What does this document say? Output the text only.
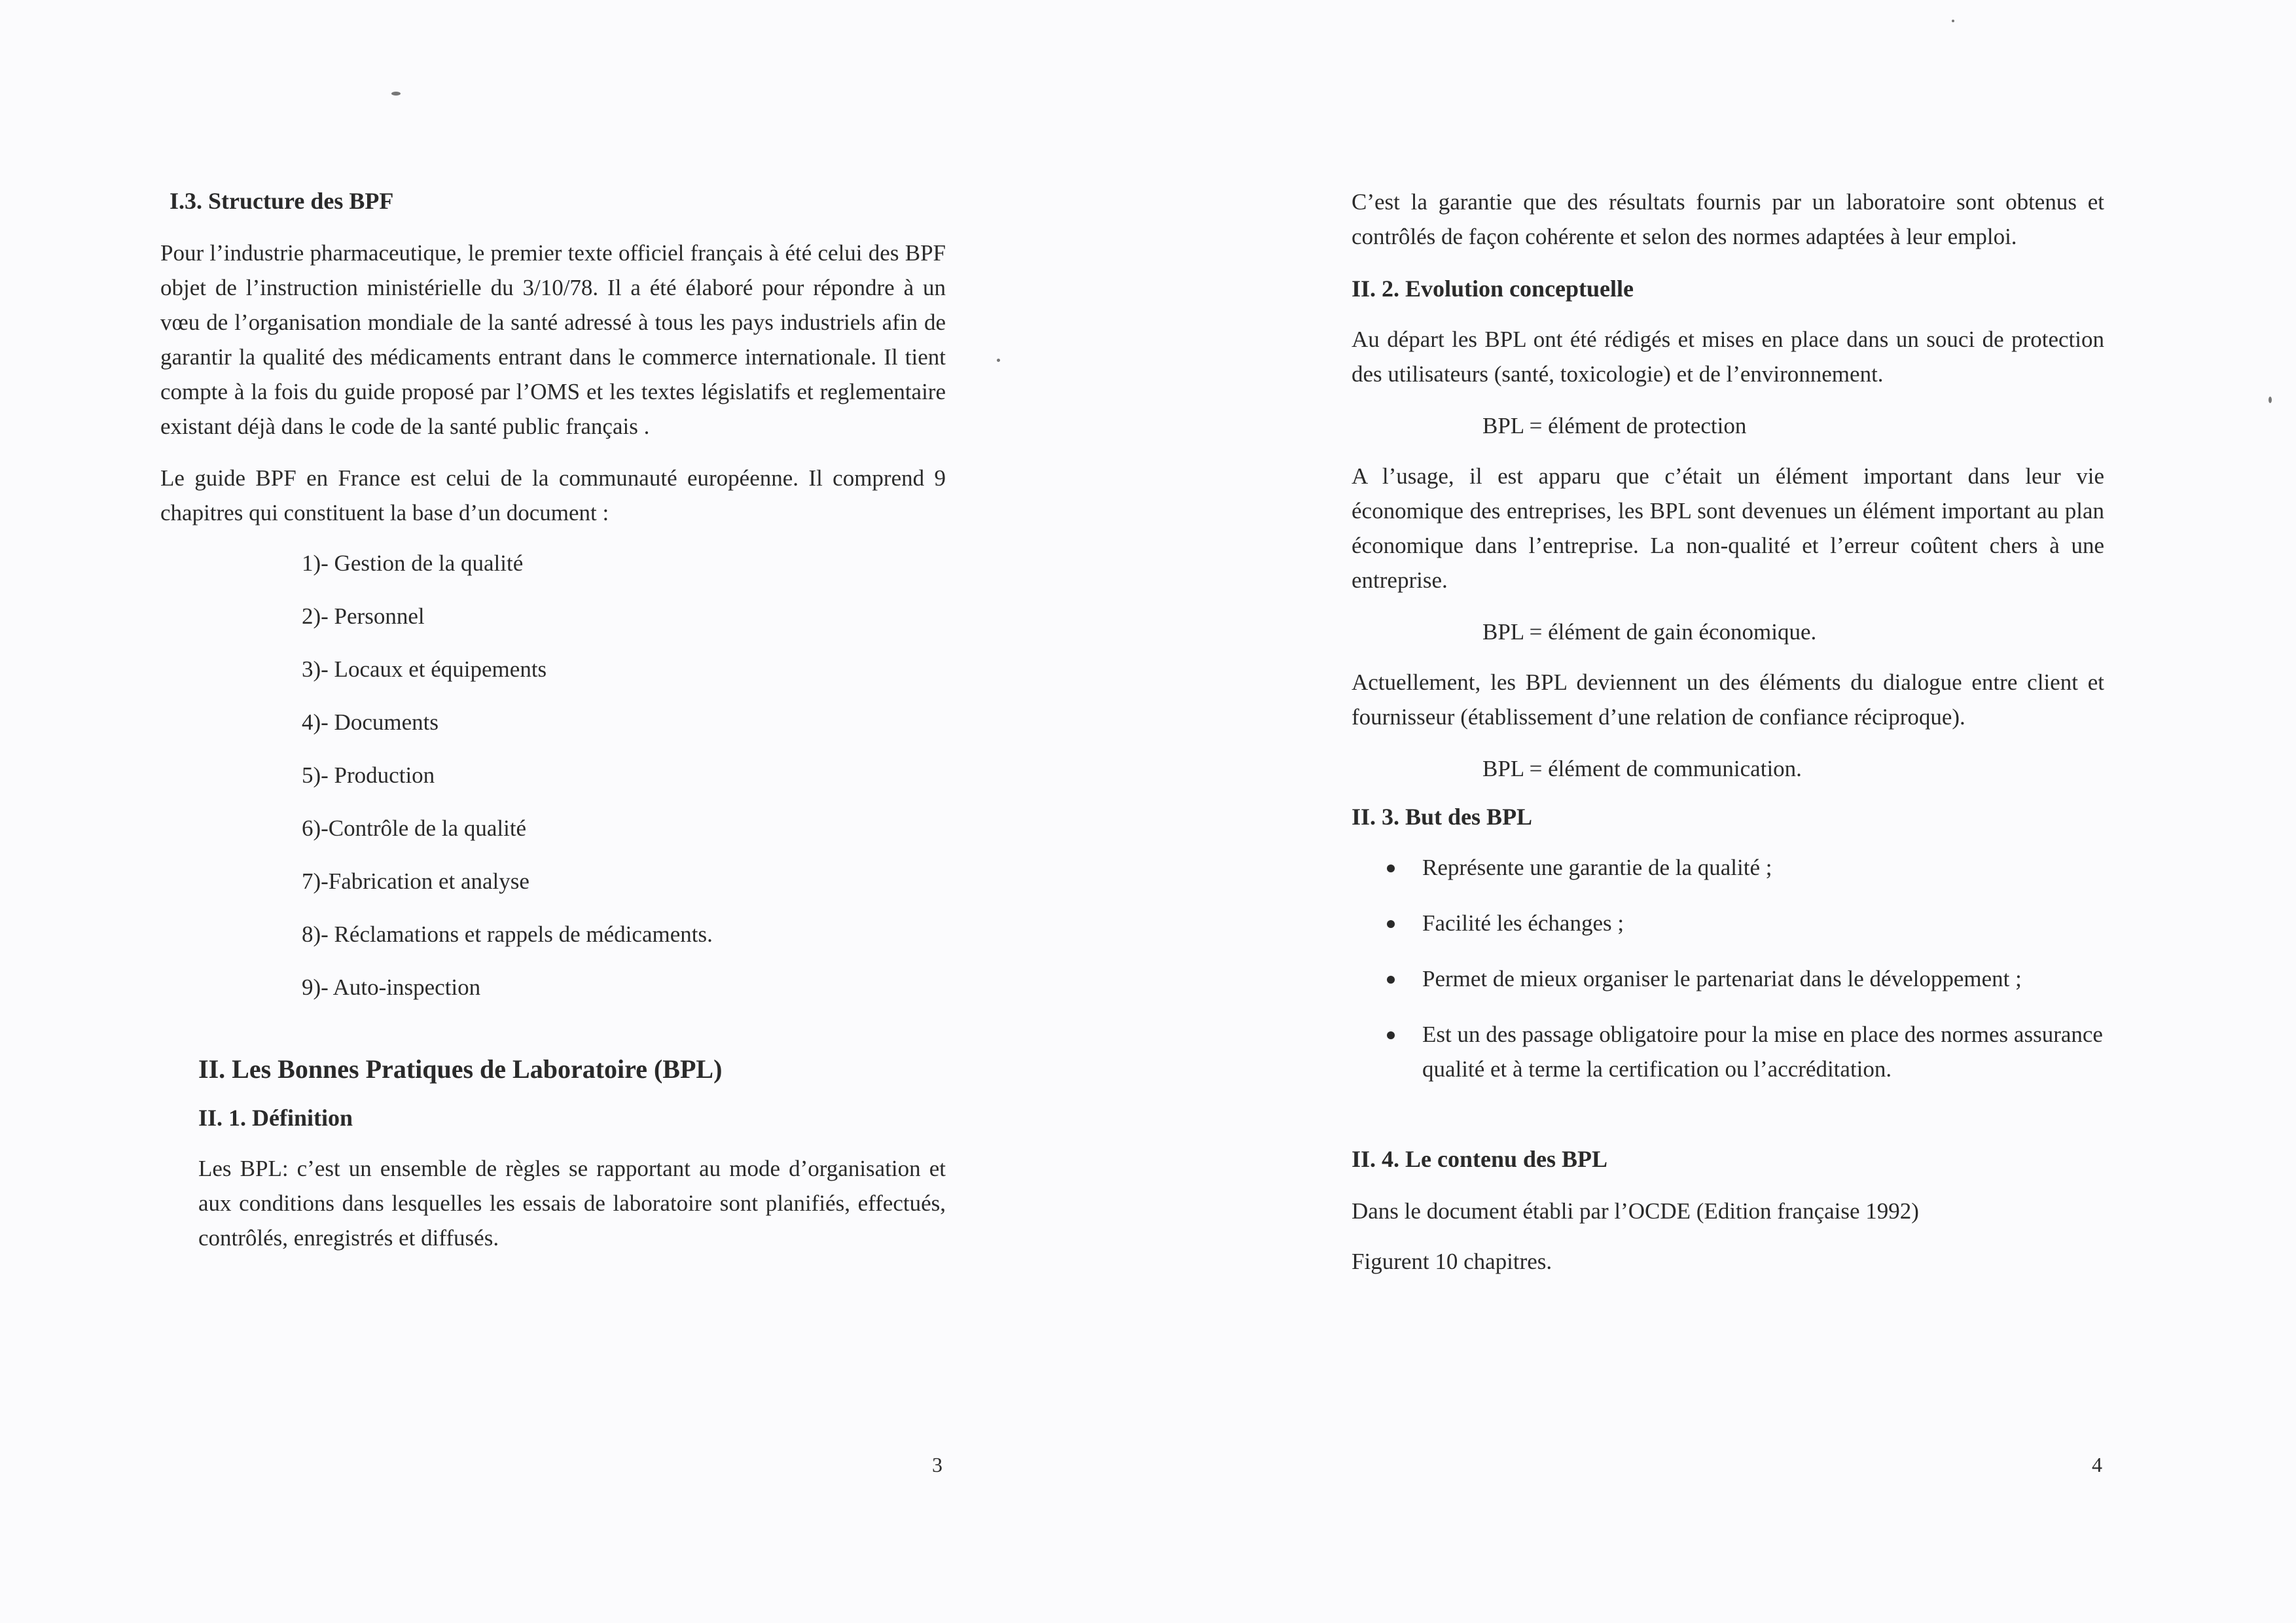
I.3. Structure des BPF

Pour l’industrie pharmaceutique, le premier texte officiel français à été celui des BPF objet de l’instruction ministérielle du 3/10/78. Il a été élaboré pour répondre à un vœu de l’organisation mondiale de la santé adressé à tous les pays industriels afin de garantir la qualité des médicaments entrant dans le commerce internationale. Il tient compte à la fois du guide proposé par l’OMS et les textes législatifs et reglementaire existant déjà dans le code de la santé public français .

Le guide BPF en France est celui de la communauté européenne. Il comprend 9 chapitres qui constituent la base d’un document :

1)- Gestion de la qualité
2)- Personnel
3)- Locaux et équipements
4)- Documents
5)- Production
6)-Contrôle de la qualité
7)-Fabrication et analyse
8)- Réclamations et rappels de médicaments.
9)- Auto-inspection
II. Les Bonnes Pratiques de Laboratoire (BPL)
II. 1. Définition

Les BPL: c’est un ensemble de règles se rapportant au mode d’organisation et aux conditions dans lesquelles les essais de laboratoire sont planifiés, effectués, contrôlés, enregistrés et diffusés.

3

C’est la garantie que des résultats fournis par un laboratoire sont obtenus et contrôlés de façon cohérente et selon des normes adaptées à leur emploi.

II. 2. Evolution conceptuelle

Au départ les BPL ont été rédigés et mises en place dans un souci de protection des utilisateurs (santé, toxicologie) et de l’environnement.

BPL = élément de protection

A l’usage, il est apparu que c’était un élément important dans leur vie économique des entreprises, les BPL sont devenues un élément important au plan économique dans l’entreprise. La non-qualité et l’erreur coûtent chers à une entreprise.

BPL = élément de gain économique.

Actuellement, les BPL deviennent un des éléments du dialogue entre client et fournisseur (établissement d’une relation de confiance réciproque).

BPL = élément de communication.

II. 3. But des BPL
Représente une garantie de la qualité ;
Facilité les échanges ;
Permet de mieux organiser le partenariat dans le développement ;
Est un des passage obligatoire pour la mise en place des normes assurance qualité et à terme la certification ou l’accréditation.
II. 4. Le contenu des BPL

Dans le document établi par l’OCDE (Edition française 1992)

Figurent 10 chapitres.

4
